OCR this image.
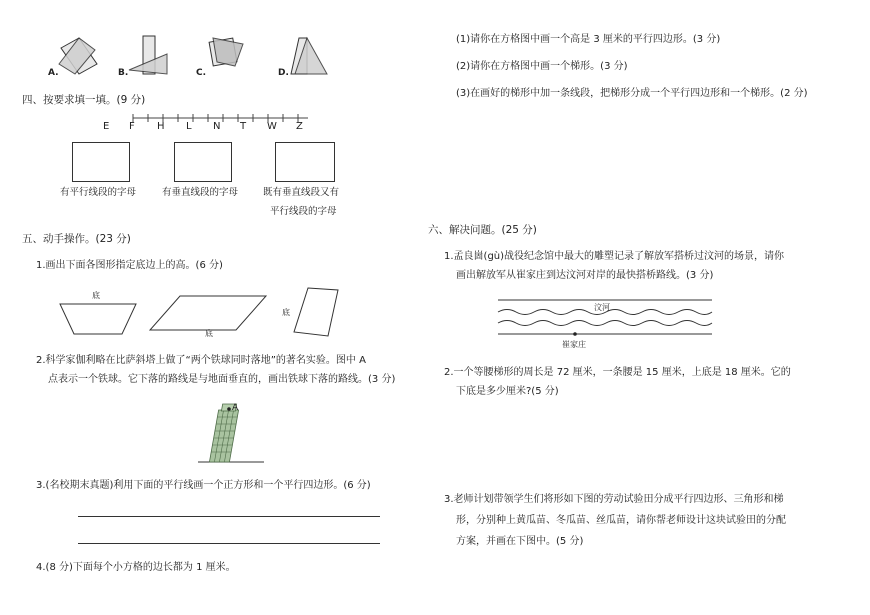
A.	B.	C.	D.
四、按要求填一填。(9 分)
E F H L N T W Z
有平行线段的字母	有垂直线段的字母	既有垂直线段又有
平行线段的字母
五、动手操作。(23 分)
1.画出下面各图形指定底边上的高。(6 分)
底
底
底
2.科学家伽利略在比萨斜塔上做了“两个铁球同时落地”的著名实验。图中 A
点表示一个铁球。它下落的路线是与地面垂直的，画出铁球下落的路线。(3 分)
A
3.(名校期末真题)利用下面的平行线画一个正方形和一个平行四边形。(6 分)
4.(8 分)下面每个小方格的边长都为 1 厘米。
(1)请你在方格图中画一个高是 3 厘米的平行四边形。(3 分)
(2)请你在方格图中画一个梯形。(3 分)
(3)在画好的梯形中加一条线段，把梯形分成一个平行四边形和一个梯形。(2 分)
六、解决问题。(25 分)
1.孟良崮(gù)战役纪念馆中最大的雕塑记录了解放军搭桥过汶河的场景，请你
画出解放军从崔家庄到达汶河对岸的最快搭桥路线。(3 分)
汶河
崔家庄
2.一个等腰梯形的周长是 72 厘米，一条腰是 15 厘米，上底是 18 厘米。它的
下底是多少厘米?(5 分)
3.老师计划带领学生们将形如下图的劳动试验田分成平行四边形、三角形和梯
形，分别种上黄瓜苗、冬瓜苗、丝瓜苗，请你帮老师设计这块试验田的分配
方案，并画在下图中。(5 分)
